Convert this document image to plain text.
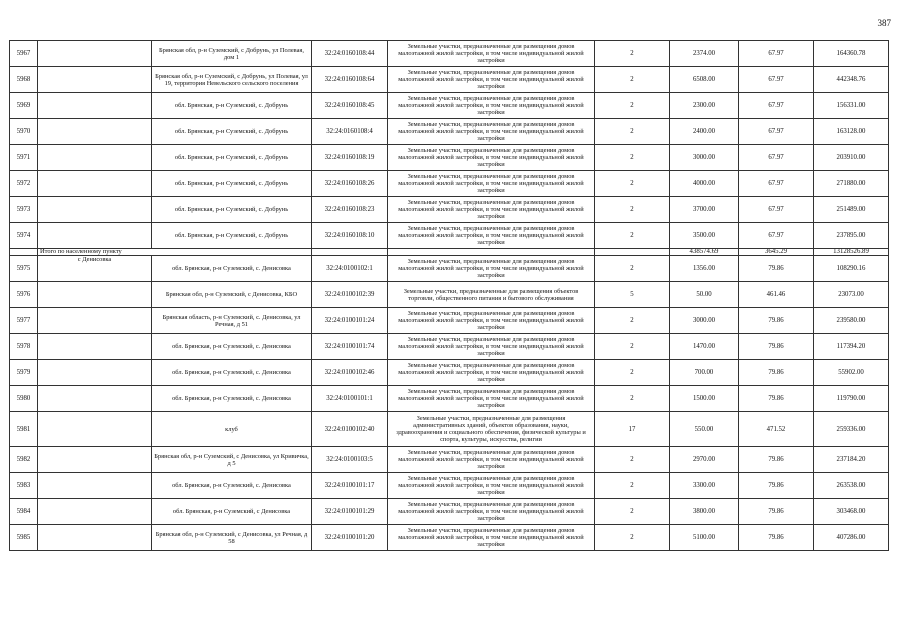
387
5967		Брянская обл, р-н Суземский, с Добрунь, ул Полевая, дом 1	32:24:0160108:44	Земельные участки, предназначенные для размещения домов малоэтажной жилой застройки, в том числе индивидуальной жилой застройки	2	2374.00	67.97	164360.78
5968		Брянская обл, р-н Суземский, с Добрунь, ул Полевая, ул 19, территория Невельского сельского поселения	32:24:0160108:64	Земельные участки, предназначенные для размещения домов малоэтажной жилой застройки, в том числе индивидуальной жилой застройки	2	6508.00	67.97	442348.76
5969		обл. Брянская, р-н Суземский, с. Добрунь	32:24:0160108:45	Земельные участки, предназначенные для размещения домов малоэтажной жилой застройки, в том числе индивидуальной жилой застройки	2	2300.00	67.97	156331.00
5970		обл. Брянская, р-н Суземский, с. Добрунь	32:24:0160108:4	Земельные участки, предназначенные для размещения домов малоэтажной жилой застройки, в том числе индивидуальной жилой застройки	2	2400.00	67.97	163128.00
5971		обл. Брянская, р-н Суземский, с. Добрунь	32:24:0160108:19	Земельные участки, предназначенные для размещения домов малоэтажной жилой застройки, в том числе индивидуальной жилой застройки	2	3000.00	67.97	203910.00
5972		обл. Брянская, р-н Суземский, с. Добрунь	32:24:0160108:26	Земельные участки, предназначенные для размещения домов малоэтажной жилой застройки, в том числе индивидуальной жилой застройки	2	4000.00	67.97	271880.00
5973		обл. Брянская, р-н Суземский, с. Добрунь	32:24:0160108:23	Земельные участки, предназначенные для размещения домов малоэтажной жилой застройки, в том числе индивидуальной жилой застройки	2	3700.00	67.97	251489.00
5974		обл. Брянская, р-н Суземский, с. Добрунь	32:24:0160108:10	Земельные участки, предназначенные для размещения домов малоэтажной жилой застройки, в том числе индивидуальной жилой застройки	2	3500.00	67.97	237895.00
	Итого по населенному пункту					438574.69	3645.29	13128526.89
5975	с Денисовка	обл. Брянская, р-н Суземский, с. Денисовка	32:24:0100102:1	Земельные участки, предназначенные для размещения домов малоэтажной жилой застройки, в том числе индивидуальной жилой застройки	2	1356.00	79.86	108290.16
5976		Брянская обл, р-н Суземский, с Денисовка, КБО	32:24:0100102:39	Земельные участки, предназначенные для размещения объектов торговли, общественного питания и бытового обслуживания	5	50.00	461.46	23073.00
5977		Брянская область, р-н Суземский, с. Денисовка, ул Речная, д 51	32:24:0100101:24	Земельные участки, предназначенные для размещения домов малоэтажной жилой застройки, в том числе индивидуальной жилой застройки	2	3000.00	79.86	239580.00
5978		обл. Брянская, р-н Суземский, с. Денисовка	32:24:0100101:74	Земельные участки, предназначенные для размещения домов малоэтажной жилой застройки, в том числе индивидуальной жилой застройки	2	1470.00	79.86	117394.20
5979		обл. Брянская, р-н Суземский, с. Денисовка	32:24:0100102:46	Земельные участки, предназначенные для размещения домов малоэтажной жилой застройки, в том числе индивидуальной жилой застройки	2	700.00	79.86	55902.00
5980		обл. Брянская, р-н Суземский, с. Денисовка	32:24:0100101:1	Земельные участки, предназначенные для размещения домов малоэтажной жилой застройки, в том числе индивидуальной жилой застройки	2	1500.00	79.86	119790.00
5981		клуб	32:24:0100102:40	Земельные участки, предназначенные для размещения административных зданий, объектов образования, науки, здравоохранения и социального обеспечения, физической культуры и спорта, культуры, искусства, религии	17	550.00	471.52	259336.00
5982		Брянская обл, р-н Суземский, с Денисовка, ул Кривичка, д 5	32:24:0100103:5	Земельные участки, предназначенные для размещения домов малоэтажной жилой застройки, в том числе индивидуальной жилой застройки	2	2970.00	79.86	237184.20
5983		обл. Брянская, р-н Суземский, с. Денисовка	32:24:0100101:17	Земельные участки, предназначенные для размещения домов малоэтажной жилой застройки, в том числе индивидуальной жилой застройки	2	3300.00	79.86	263538.00
5984		обл. Брянская, р-н Суземский, с Денисовка	32:24:0100101:29	Земельные участки, предназначенные для размещения домов малоэтажной жилой застройки, в том числе индивидуальной жилой застройки	2	3800.00	79.86	303468.00
5985		Брянская обл, р-н Суземский, с Денисовка, ул Речная, д 58	32:24:0100101:20	Земельные участки, предназначенные для размещения домов малоэтажной жилой застройки, в том числе индивидуальной жилой застройки	2	5100.00	79.86	407286.00
